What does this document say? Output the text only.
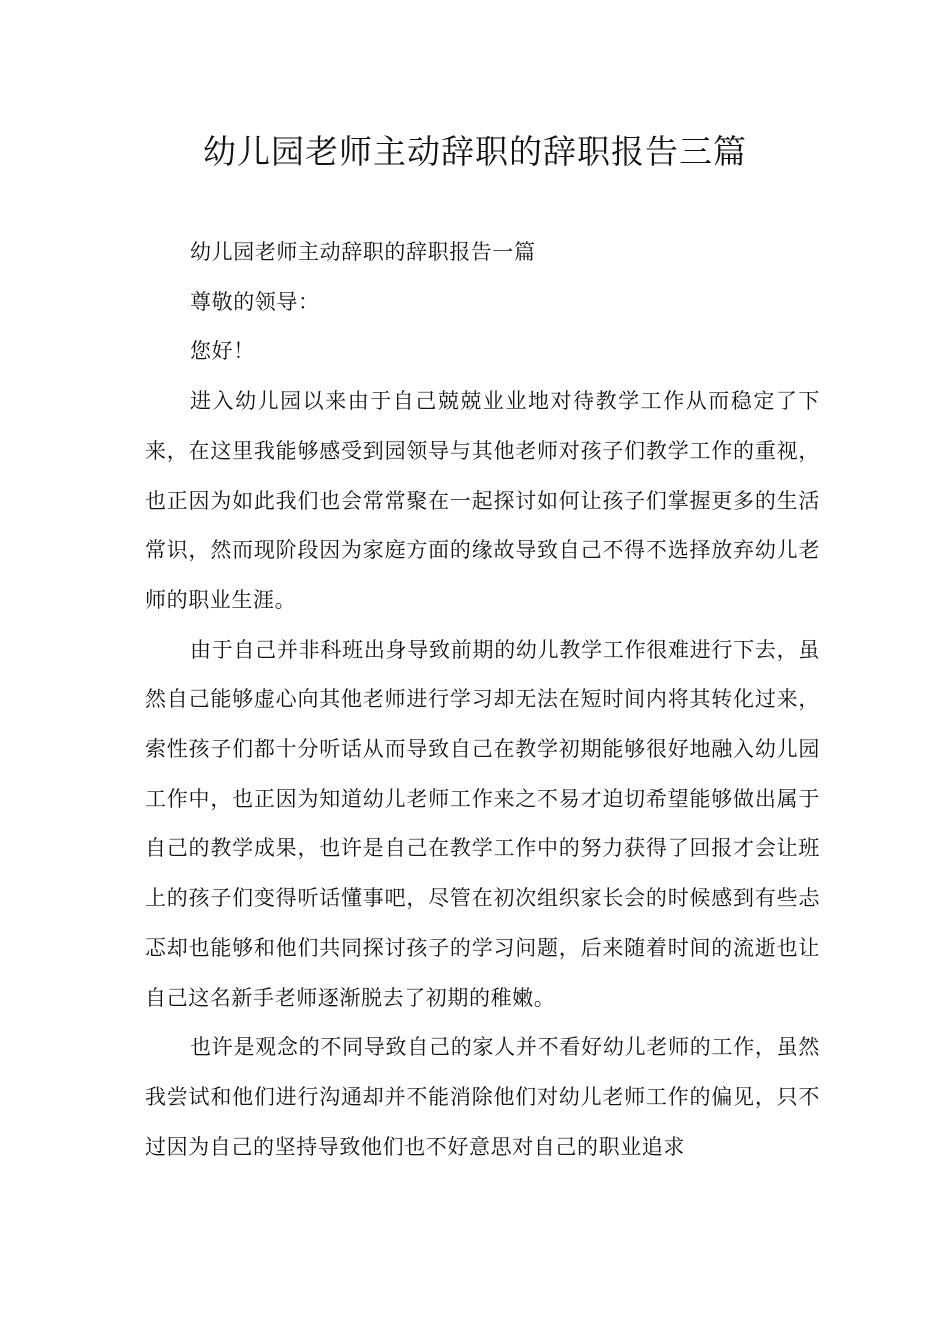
幼儿园老师主动辞职的辞职报告三篇

幼儿园老师主动辞职的辞职报告一篇

尊敬的领导：

您好！

进入幼儿园以来由于自己兢兢业业地对待教学工作从而稳定了下来，在这里我能够感受到园领导与其他老师对孩子们教学工作的重视，也正因为如此我们也会常常聚在一起探讨如何让孩子们掌握更多的生活常识，然而现阶段因为家庭方面的缘故导致自己不得不选择放弃幼儿老师的职业生涯。

由于自己并非科班出身导致前期的幼儿教学工作很难进行下去，虽然自己能够虚心向其他老师进行学习却无法在短时间内将其转化过来，索性孩子们都十分听话从而导致自己在教学初期能够很好地融入幼儿园工作中，也正因为知道幼儿老师工作来之不易才迫切希望能够做出属于自己的教学成果，也许是自己在教学工作中的努力获得了回报才会让班上的孩子们变得听话懂事吧，尽管在初次组织家长会的时候感到有些忐忑却也能够和他们共同探讨孩子的学习问题，后来随着时间的流逝也让自己这名新手老师逐渐脱去了初期的稚嫩。

也许是观念的不同导致自己的家人并不看好幼儿老师的工作，虽然我尝试和他们进行沟通却并不能消除他们对幼儿老师工作的偏见，只不过因为自己的坚持导致他们也不好意思对自己的职业追求
